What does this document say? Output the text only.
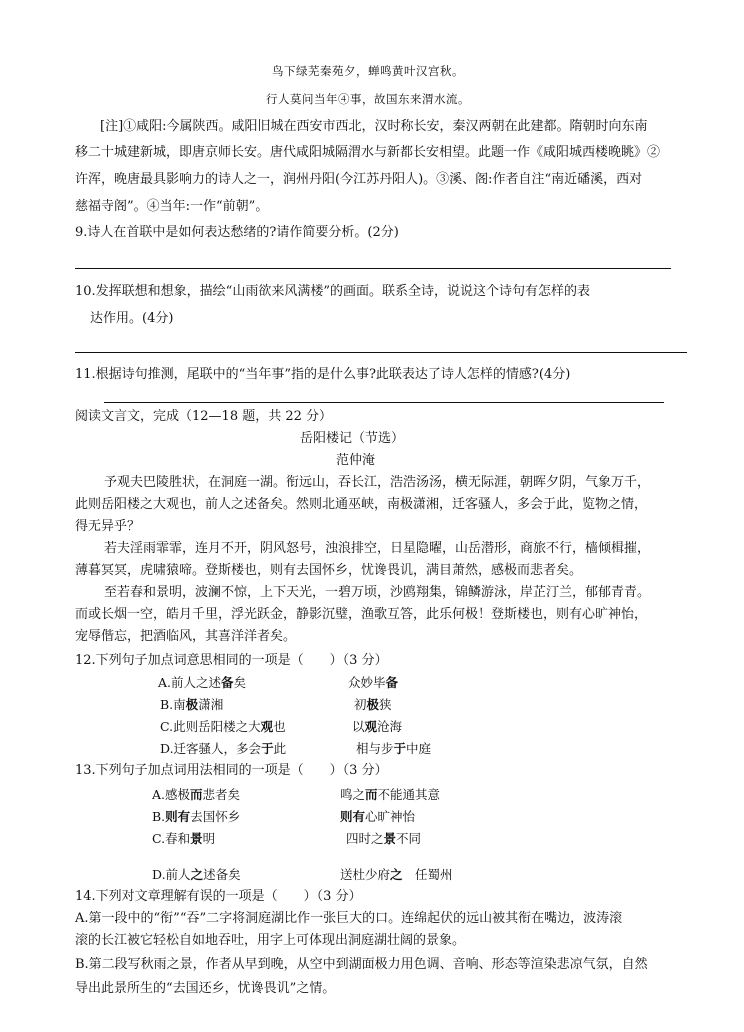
鸟下绿芜秦苑夕，蝉鸣黄叶汉宫秋。
行人莫问当年④事，故国东来渭水流。
[注]①咸阳:今属陕西。咸阳旧城在西安市西北，汉时称长安，秦汉两朝在此建都。隋朝时向东南
移二十城建新城，即唐京师长安。唐代咸阳城隔渭水与新都长安相望。此题一作《咸阳城西楼晚眺》②
许浑，晚唐最具影响力的诗人之一，润州丹阳(今江苏丹阳人)。③溪、阁:作者自注“南近磻溪，西对
慈福寺阁”。④当年:一作“前朝”。
9.诗人在首联中是如何表达愁绪的?请作简要分析。(2分)
10.发挥联想和想象，描绘“山雨欲来风满楼”的画面。联系全诗，说说这个诗句有怎样的表
达作用。(4分)
11.根据诗句推测，尾联中的“当年事”指的是什么事?此联表达了诗人怎样的情感?(4分)
阅读文言文，完成（12—18 题，共 22 分）
岳阳楼记（节选）
范仲淹
予观夫巴陵胜状，在洞庭一湖。衔远山，吞长江，浩浩汤汤，横无际涯，朝晖夕阴，气象万千，
此则岳阳楼之大观也，前人之述备矣。然则北通巫峡，南极潇湘，迁客骚人，多会于此，览物之情，
得无异乎？
若夫淫雨霏霏，连月不开，阴风怒号，浊浪排空，日星隐曜，山岳潜形，商旅不行，樯倾楫摧，
薄暮冥冥，虎啸猿啼。登斯楼也，则有去国怀乡，忧谗畏讥，满目萧然，感极而悲者矣。
至若春和景明，波澜不惊，上下天光，一碧万顷，沙鸥翔集，锦鳞游泳，岸芷汀兰，郁郁青青。
而或长烟一空，皓月千里，浮光跃金，静影沉璧，渔歌互答，此乐何极！登斯楼也，则有心旷神怡，
宠辱偕忘，把酒临风，其喜洋洋者矣。
12.下列句子加点词意思相同的一项是（　　）（3 分）
A.前人之述备矣	众妙毕备
B.南极潇湘	初极狭
C.此则岳阳楼之大观也	以观沧海
D.迁客骚人，多会于此	相与步于中庭
13.下列句子加点词用法相同的一项是（　　）（3 分）
A.感极而悲者矣	鸣之而不能通其意
B.则有去国怀乡	则有心旷神怡
C.春和景明	四时之景不同
D.前人之述备矣	送杜少府之　任蜀州
14.下列对文章理解有误的一项是（　　）（3 分）
A.第一段中的“衔”“吞”二字将洞庭湖比作一张巨大的口。连绵起伏的远山被其衔在嘴边，波涛滚
滚的长江被它轻松自如地吞吐，用字上可体现出洞庭湖壮阔的景象。
B.第二段写秋雨之景，作者从早到晚，从空中到湖面极力用色调、音响、形态等渲染悲凉气氛，自然
导出此景所生的“去国还乡，忧谗畏讥”之情。
